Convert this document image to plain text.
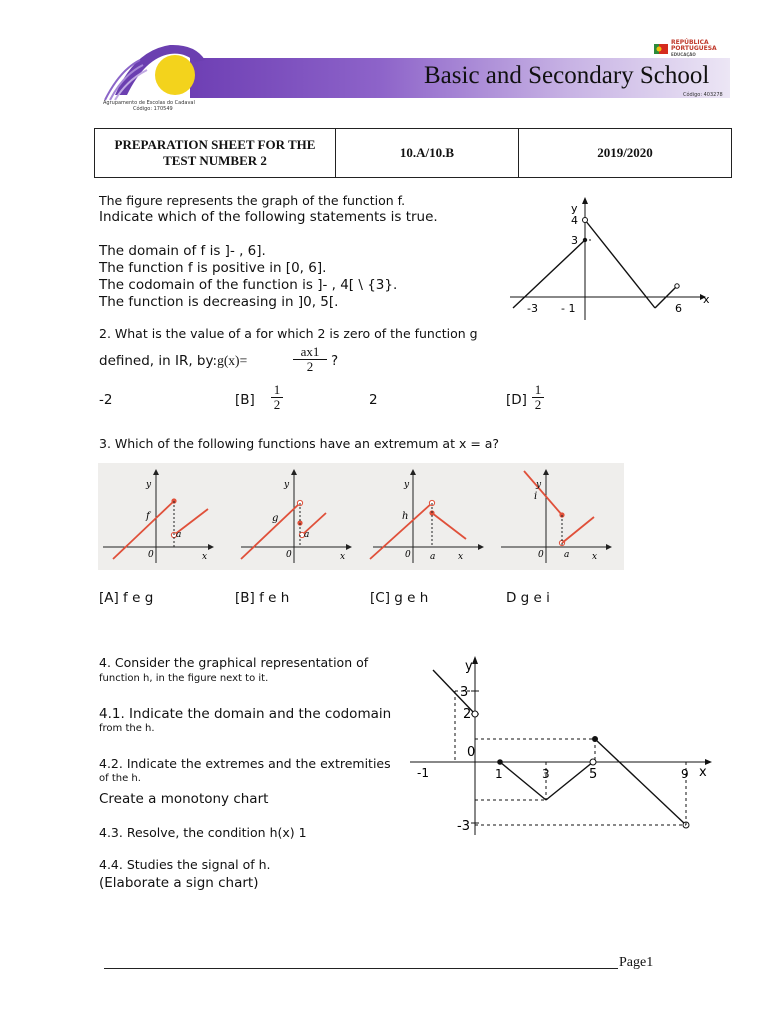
Agrupamento de Escolas do Cadaval
Código: 170549
REPÚBLICA PORTUGUESA
EDUCAÇÃO
Basic and Secondary School
Código: 403278
PREPARATION SHEET FOR THE TEST NUMBER 2	10.A/10.B	2019/2020
The figure represents the graph of the function f.
Indicate which of the following statements is true.
The domain of f is ]- , 6].
The function f is positive in [0, 6].
The codomain of the function is ]- , 4[ \ {3}.
The function is decreasing in ]0, 5[.
y
x
4
3
-3 - 1	6
2. What is the value of a for which 2 is zero of the function g
defined, in IR, by:g(x)=	$\frac{ax1}{2}$ ?
-2	$[B] \frac{1}{2}$	2	$[D] \frac{1}{2}$
3. Which of the following functions have an extremum at x = a?
y
x
0
a
f
y
x
0
a
g
y
x
0 a
h
y
x
0 a
i
[A] f e g	[B] f e h	[C] g e h	D g e i
4. Consider the graphical representation of
function h, in the figure next to it.
4.1. Indicate the domain and the codomain
from the h.
4.2. Indicate the extremes and the extremities
of the h.
Create a monotony chart
4.3. Resolve, the condition h(x) 1
4.4. Studies the signal of h.
(Elaborate a sign chart)
y
x
3
2
-1
0
1	3	5	9
-3
Page1
